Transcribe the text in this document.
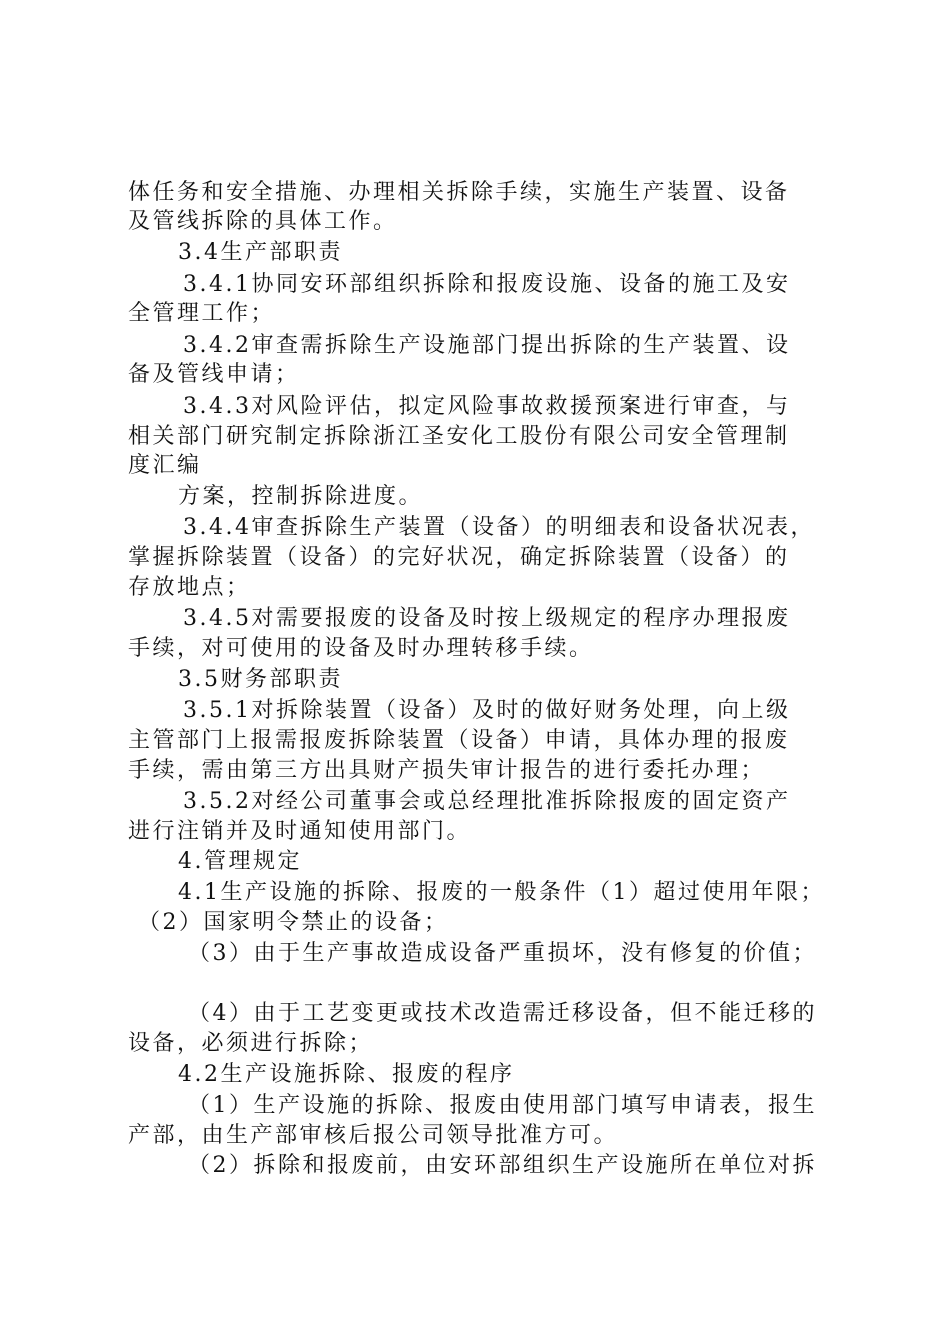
体任务和安全措施、办理相关拆除手续，实施生产装置、设备
及管线拆除的具体工作。
3.4生产部职责
3.4.1协同安环部组织拆除和报废设施、设备的施工及安
全管理工作；
3.4.2审查需拆除生产设施部门提出拆除的生产装置、设
备及管线申请；
3.4.3对风险评估，拟定风险事故救援预案进行审查，与
相关部门研究制定拆除浙江圣安化工股份有限公司安全管理制
度汇编
方案，控制拆除进度。
3.4.4审查拆除生产装置（设备）的明细表和设备状况表，
掌握拆除装置（设备）的完好状况，确定拆除装置（设备）的
存放地点；
3.4.5对需要报废的设备及时按上级规定的程序办理报废
手续，对可使用的设备及时办理转移手续。
3.5财务部职责
3.5.1对拆除装置（设备）及时的做好财务处理，向上级
主管部门上报需报废拆除装置（设备）申请，具体办理的报废
手续，需由第三方出具财产损失审计报告的进行委托办理；
3.5.2对经公司董事会或总经理批准拆除报废的固定资产
进行注销并及时通知使用部门。
4.管理规定
4.1生产设施的拆除、报废的一般条件（1）超过使用年限；
（2）国家明令禁止的设备；
（3）由于生产事故造成设备严重损坏，没有修复的价值；
（4）由于工艺变更或技术改造需迁移设备，但不能迁移的
设备，必须进行拆除；
4.2生产设施拆除、报废的程序
（1）生产设施的拆除、报废由使用部门填写申请表，报生
产部，由生产部审核后报公司领导批准方可。
（2）拆除和报废前，由安环部组织生产设施所在单位对拆
